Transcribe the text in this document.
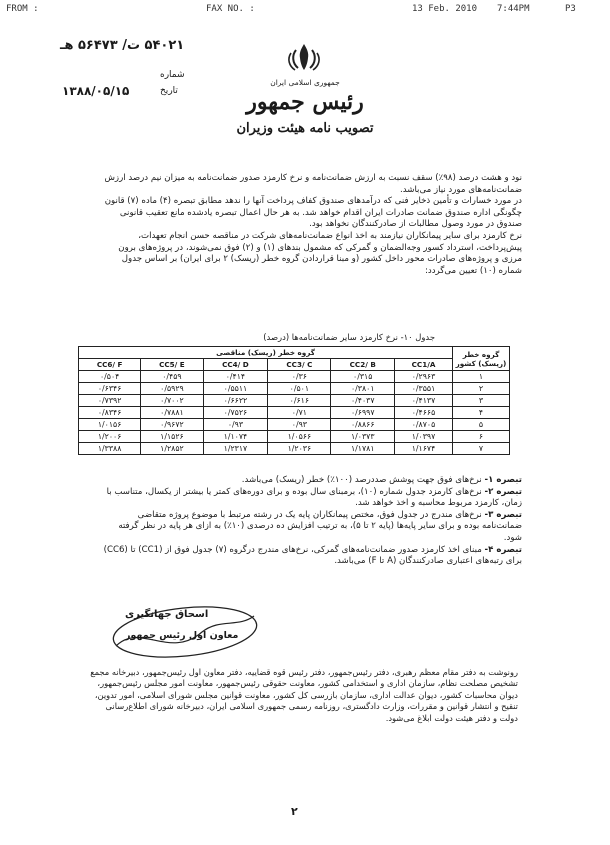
FROM :	FAX NO. :	13 Feb. 2010 7:44PM	P3
۵۴۰۲۱ ت/ ۵۶۴۷۳ هـ
شماره
۱۳۸۸/۰۵/۱۵	تاریخ
جمهوری اسلامی ایران
رئیس جمهور
تصویب نامه هیئت وزیران

نود و هشت درصد (۹۸٪) سقف نسبت به ارزش ضمانت‌نامه و نرخ کارمزد صدور ضمانت‌نامه به میزان نیم درصد ارزش ضمانت‌نامه‌های مورد نیاز می‌باشد.

در مورد خسارات و تأمین ذخایر فنی که درآمدهای صندوق کفاف پرداخت آنها را ندهد مطابق تبصره (۴) ماده (۷) قانون چگونگی اداره صندوق ضمانت صادرات ایران اقدام خواهد شد. به هر حال اعمال تبصره یادشده مانع تعقیب قانونی صندوق در مورد وصول مطالبات از صادرکنندگان نخواهد بود.

نرخ کارمزد برای سایر پیمانکاران نیازمند به اخذ انواع ضمانت‌نامه‌های شرکت در مناقصه حسن انجام تعهدات، پیش‌پرداخت، استرداد کسور وجه‌الضمان و گمرکی که مشمول بندهای (۱) و (۲) فوق نمی‌شوند، در پروژه‌های برون مرزی و پروژه‌های صادرات محور داخل کشور (و مبنا قراردادن گروه خطر (ریسک) ۲ برای ایران) بر اساس جدول شماره (۱۰) تعیین می‌گردد:

جدول ۱۰- نرخ کارمزد سایر ضمانت‌نامه‌ها (درصد)
گروه خطر (ریسک) کشور	گروه خطر (ریسک) مناقصی					
	CC1/A	CC2/ B	CC3/ C	CC4/ D	CC5/ E	CC6/ F
۱	۰/۲۹۶۳	۰/۳۱۵	۰/۳۶	۰/۴۱۴	۰/۴۵۹	۰/۵۰۴
۲	۰/۳۵۵۱	۰/۳۸۰۱	۰/۵۰۱	۰/۵۵۱۱	۰/۵۹۲۹	۰/۶۳۴۶
۳	۰/۴۱۳۷	۰/۴۰۳۷	۰/۶۱۶	۰/۶۶۲۲	۰/۷۰۰۲	۰/۷۳۹۲
۴	۰/۴۶۶۵	۰/۶۹۹۷	۰/۷۱	۰/۷۵۲۶	۰/۷۸۸۱	۰/۸۳۴۶
۵	۰/۸۷۰۵	۰/۸۸۶۶	۰/۹۳	۰/۹۳	۰/۹۶۷۲	۱/۰۱۵۶
۶	۱/۰۳۹۷	۱/۰۳۷۳	۱/۰۵۶۶	۱/۱۰۷۴	۱/۱۵۲۶	۱/۲۰۰۶
۷	۱/۱۶۷۴	۱/۱۷۸۱	۱/۲۰۳۶	۱/۲۳۱۷	۱/۲۸۵۲	۱/۳۳۸۸

تبصره ۱- نرخ‌های فوق جهت پوشش صددرصد (۱۰۰٪) خطر (ریسک) می‌باشد.

تبصره ۲- نرخ‌های کارمزد جدول شماره (۱۰)، برمبنای سال بوده و برای دوره‌های کمتر یا بیشتر از یکسال، متناسب با زمان، کارمزد مربوط محاسبه و اخذ خواهد شد.

تبصره ۳- نرخ‌های مندرج در جدول فوق، مختص پیمانکاران پایه یک در رشته مرتبط با موضوع پروژه متقاضی ضمانت‌نامه بوده و برای سایر پایه‌ها (پایه ۲ تا ۵)، به ترتیب افزایش ده درصدی (۱۰٪) به ازای هر پایه در نظر گرفته شود.

تبصره ۴- مبنای اخذ کارمزد صدور ضمانت‌نامه‌های گمرکی، نرخ‌های مندرج درگروه (۷) جدول فوق از (CC1) تا (CC6) برای رتبه‌های اعتباری صادرکنندگان (A تا F) می‌باشد.

اسحاق جهانگیری
معاون اول رئیس جمهور
رونوشت به دفتر مقام معظم رهبری، دفتر رئیس‌جمهور، دفتر رئیس قوه قضاییه، دفتر معاون اول رئیس‌جمهور، دبیرخانه مجمع تشخیص مصلحت نظام، سازمان اداری و استخدامی کشور، معاونت حقوقی رئیس‌جمهور، معاونت امور مجلس رئیس‌جمهور، دیوان محاسبات کشور، دیوان عدالت اداری، سازمان بازرسی کل کشور، معاونت قوانین مجلس شورای اسلامی، امور تدوین، تنقیح و انتشار قوانین و مقررات، وزارت دادگستری، روزنامه رسمی جمهوری اسلامی ایران، دبیرخانه شورای اطلاع‌رسانی دولت و دفتر هیئت دولت ابلاغ می‌شود.
۲
